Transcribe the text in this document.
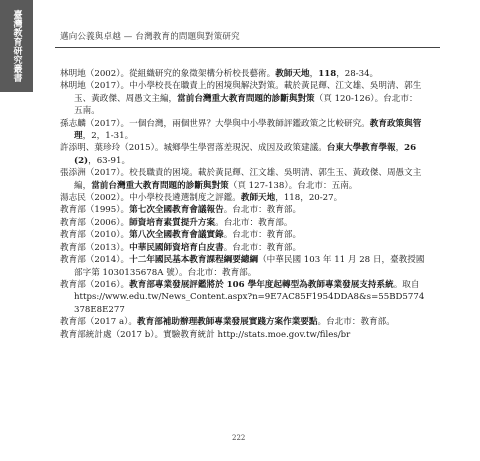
臺灣教育研究叢書	邁向公義與卓越 — 台灣教育的問題與對策研究

林明地（2002）。從組織研究的象徵架構分析校長藝術。教師天地，118，28-34。

林明地（2017）。中小學校長在職責上的困境與解決對策。載於黃昆輝、江文雄、吳明清、郭生玉、黃政傑、周愚文主編，當前台灣重大教育問題的診斷與對策（頁 120-126）。台北市：五南。

孫志麟（2017）。一個台灣，兩個世界？大學與中小學教師評鑑政策之比較研究。教育政策與管理，2，1-31。

許添明、葉珍玲（2015）。城鄉學生學習落差現況、成因及政策建議。台東大學教育學報，26(2)，63-91。

張添洲（2017）。校長職責的困境。載於黃昆輝、江文雄、吳明清、郭生玉、黃政傑、周愚文主編，當前台灣重大教育問題的診斷與對策（頁 127-138）。台北市：五南。

湯志民（2002）。中小學校長遴選制度之評鑑。教師天地，118，20-27。

教育部（1995）。第七次全國教育會議報告。台北市：教育部。

教育部（2006）。師資培育素質提升方案。台北市：教育部。

教育部（2010）。第八次全國教育會議實錄。台北市：教育部。

教育部（2013）。中華民國師資培育白皮書。台北市：教育部。

教育部（2014）。十二年國民基本教育課程綱要總綱（中華民國 103 年 11 月 28 日，臺教授國部字第 1030135678A 號）。台北市：教育部。

教育部（2016）。教育部專業發展評鑑將於 106 學年度起轉型為教師專業發展支持系統。取自 https://www.edu.tw/News_Content.aspx?n=9E7AC85F1954DDA8&s=55BD5774378E8E277

教育部（2017 a）。教育部補助辦理教師專業發展實踐方案作業要點。台北市：教育部。

教育部統計處（2017 b）。實驗教育統計 http://stats.moe.gov.tw/files/br

222
